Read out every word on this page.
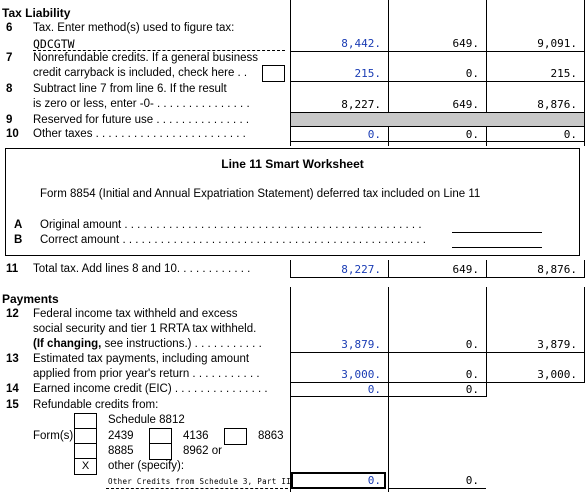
Tax Liability
6 Tax. Enter method(s) used to figure tax:
QDCGTW	8,442.	649.	9,091.
7 Nonrefundable credits. If a general business
credit carryback is included, check here . .	215.	0.	215.
8 Subtract line 7 from line 6. If the result
is zero or less, enter -0- . . . . . . . . . . . . . . .	8,227.	649.	8,876.
9 Reserved for future use . . . . . . . . . . . . . . .
10 Other taxes . . . . . . . . . . . . . . . . . . . . . . . .	0.	0.	0.
Line 11 Smart Worksheet
Form 8854 (Initial and Annual Expatriation Statement) deferred tax included on Line 11
A Original amount . . . . . . . . . . . . . . . . . . . . . . . . . . . . . . . . . . . . . . . . . . . . . . .
B Correct amount . . . . . . . . . . . . . . . . . . . . . . . . . . . . . . . . . . . . . . . . . . . . . . . .
11 Total tax. Add lines 8 and 10. . . . . . . . . . . .	8,227.	649.	8,876.
Payments
12 Federal income tax withheld and excess
social security and tier 1 RRTA tax withheld.
(If changing, see instructions.) . . . . . . . . . . .	3,879.	0.	3,879.
13 Estimated tax payments, including amount
applied from prior year's return . . . . . . . . . . .	3,000.	0.	3,000.
14 Earned income credit (EIC) . . . . . . . . . . . . . . .	0.	0.
15 Refundable credits from:
Schedule 8812
Form(s)	2439	4136	8863
8885	8962 or
X	other (specify):
Other Credits from Schedule 3, Part II	0.	0.
